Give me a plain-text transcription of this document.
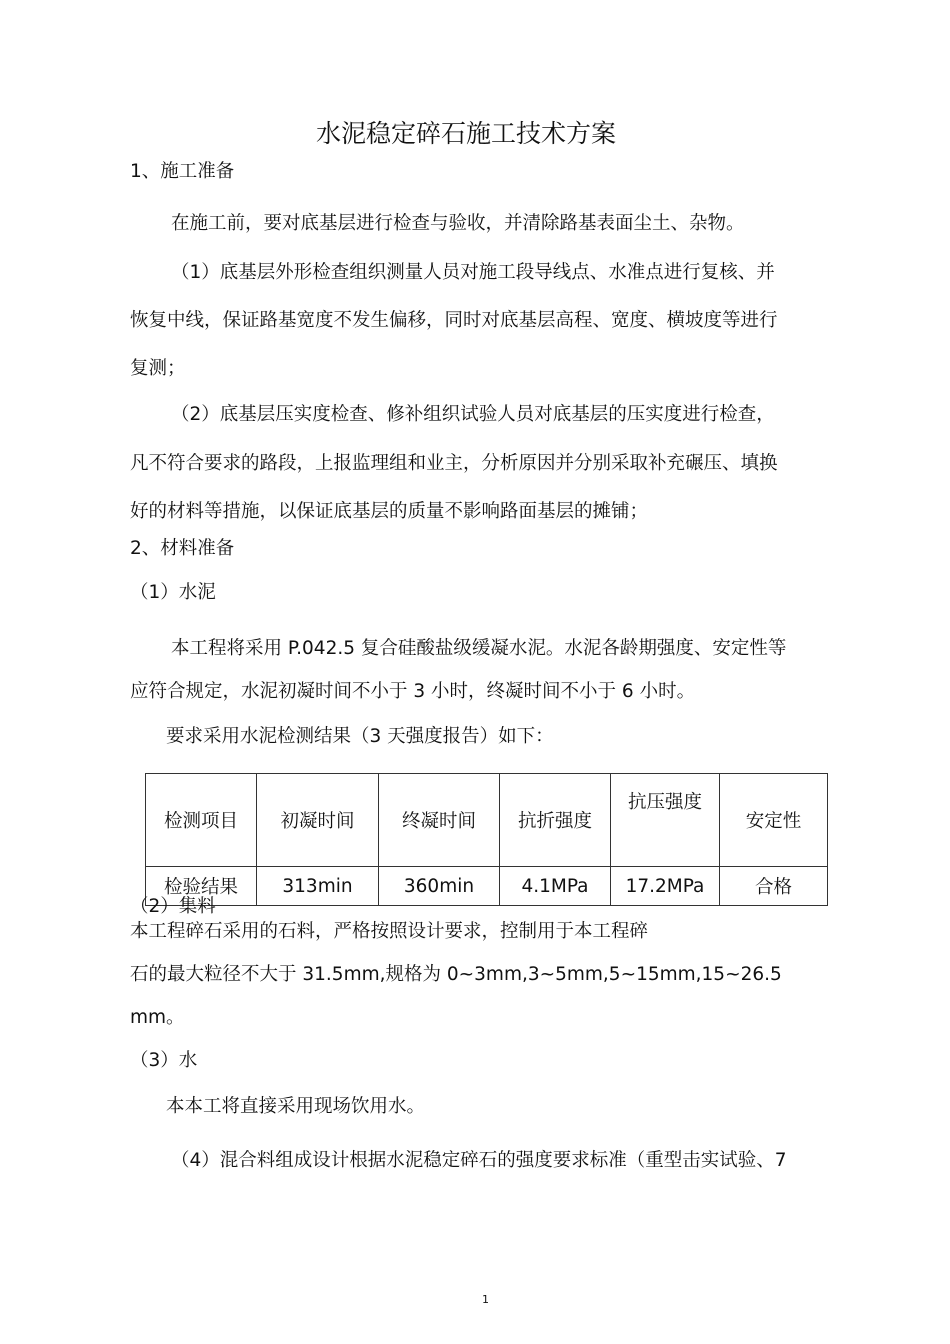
水泥稳定碎石施工技术方案
1、施工准备
在施工前，要对底基层进行检查与验收，并清除路基表面尘土、杂物。
（1）底基层外形检查组织测量人员对施工段导线点、水准点进行复核、并
恢复中线，保证路基宽度不发生偏移，同时对底基层高程、宽度、横坡度等进行
复测；
（2）底基层压实度检查、修补组织试验人员对底基层的压实度进行检查，
凡不符合要求的路段，上报监理组和业主，分析原因并分别采取补充碾压、填换
好的材料等措施，以保证底基层的质量不影响路面基层的摊铺；
2、材料准备
（1）水泥
本工程将采用 P.042.5 复合硅酸盐级缓凝水泥。水泥各龄期强度、安定性等
应符合规定，水泥初凝时间不小于 3 小时，终凝时间不小于 6 小时。
要求采用水泥检测结果（3 天强度报告）如下：
检测项目	初凝时间	终凝时间	抗折强度	抗压强度	安定性
检验结果	313min	360min	4.1MPa	17.2MPa	合格
（2）集料
本工程碎石采用的石料，严格按照设计要求，控制用于本工程碎
石的最大粒径不大于 31.5mm,规格为 0~3mm,3~5mm,5~15mm,15~26.5
mm。
（3）水
本本工将直接采用现场饮用水。
（4）混合料组成设计根据水泥稳定碎石的强度要求标准（重型击实试验、7
1
